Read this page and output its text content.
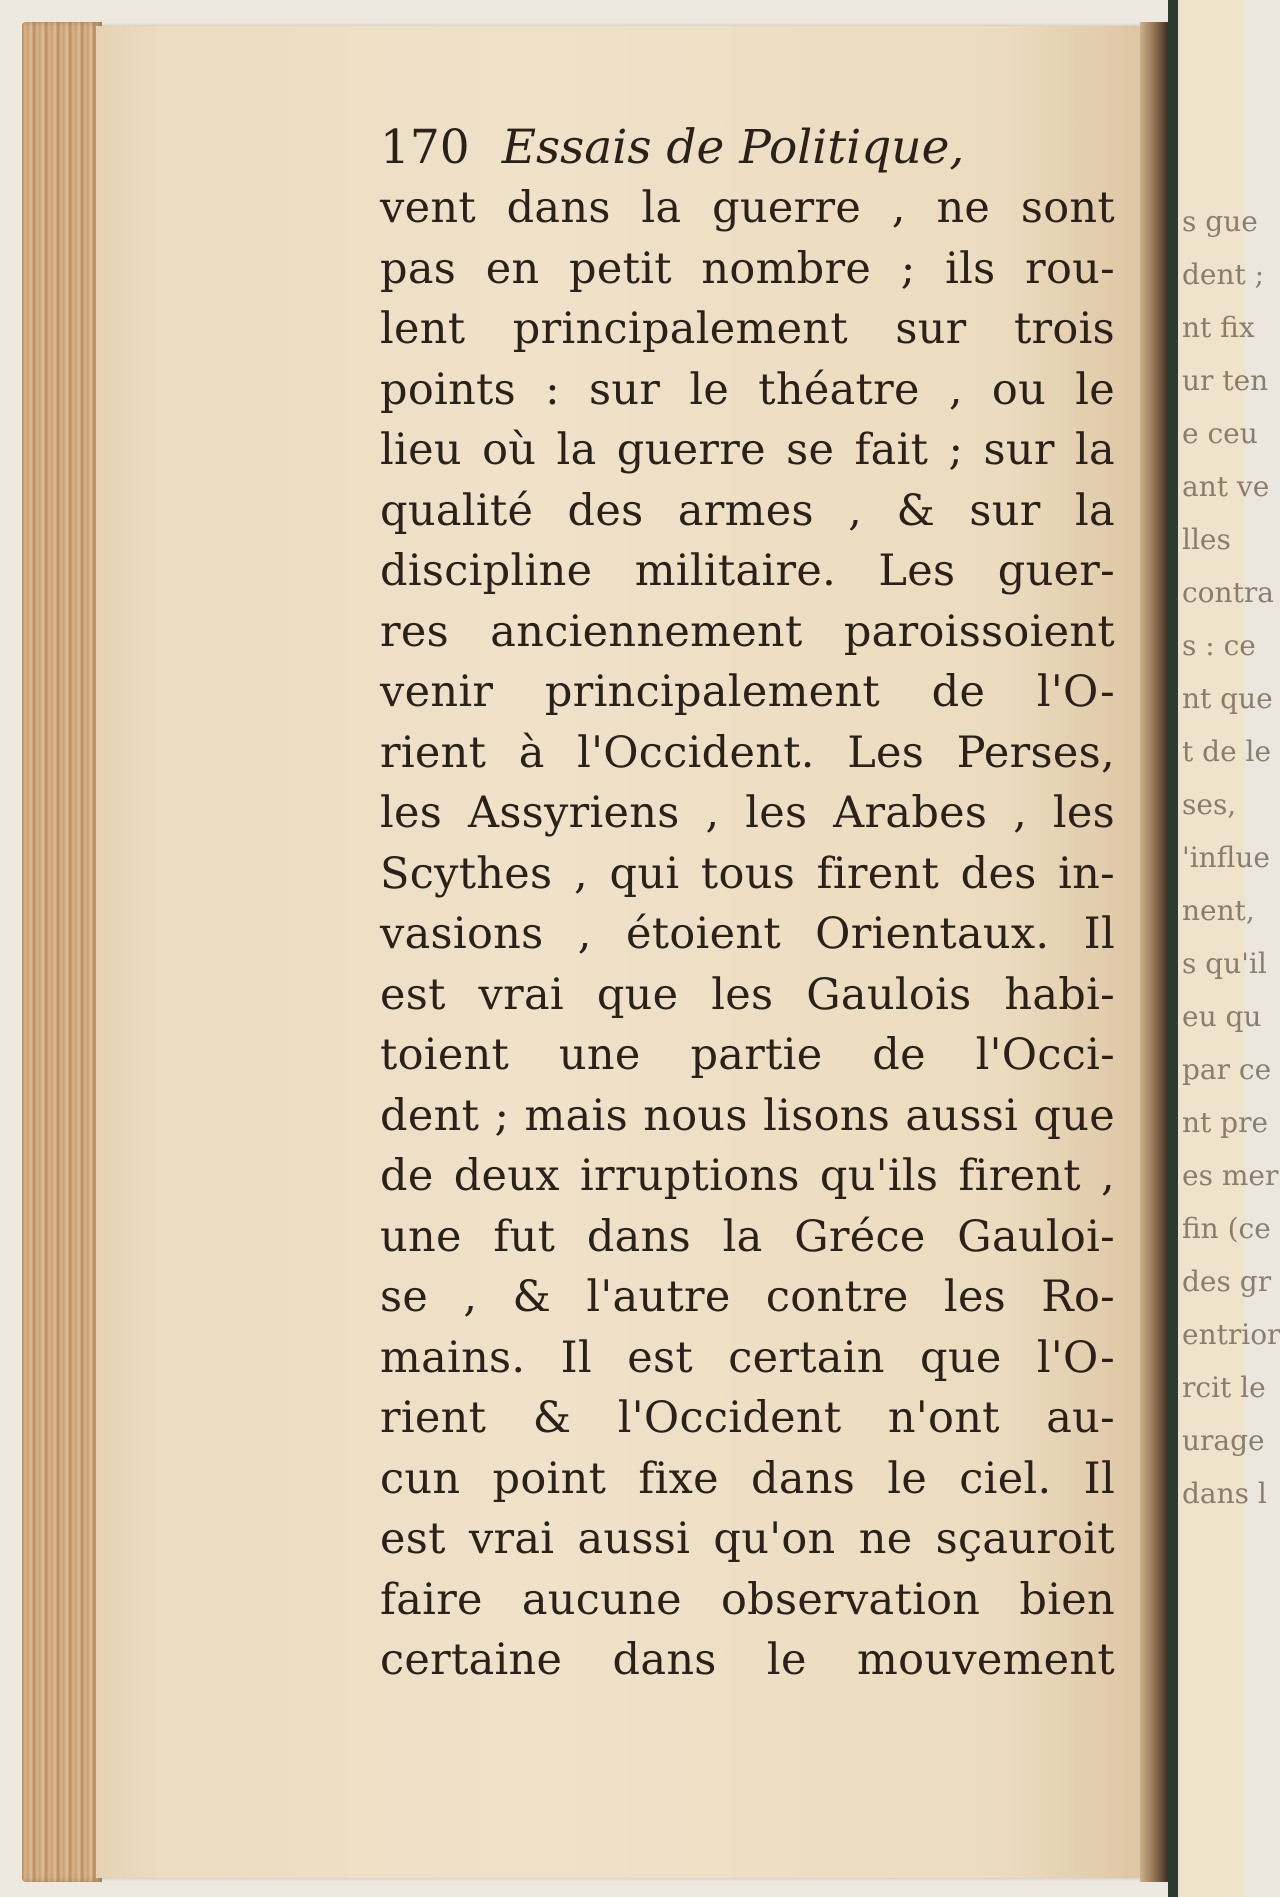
s gue
dent ;
nt fix
ur ten
e ceu
ant ve
lles
contra
s : ce
nt que
t de le
ses,
'influe
nent,
s qu'il
eu qu
par ce
nt pre
es mer
fin (ce
des gr
entrior
rcit le
urage
dans l
170 Essais de Politique,
vent dans la guerre , ne sont
pas en petit nombre ; ils rou-
lent principalement sur trois
points : sur le théatre , ou le
lieu où la guerre se fait ; sur la
qualité des armes , & sur la
discipline militaire. Les guer-
res anciennement paroissoient
venir principalement de l'O-
rient à l'Occident. Les Perses,
les Assyriens , les Arabes , les
Scythes , qui tous firent des in-
vasions , étoient Orientaux. Il
est vrai que les Gaulois habi-
toient une partie de l'Occi-
dent ; mais nous lisons aussi que
de deux irruptions qu'ils firent ,
une fut dans la Gréce Gauloi-
se , & l'autre contre les Ro-
mains. Il est certain que l'O-
rient & l'Occident n'ont au-
cun point fixe dans le ciel. Il
est vrai aussi qu'on ne sçauroit
faire aucune observation bien
certaine dans le mouvement
